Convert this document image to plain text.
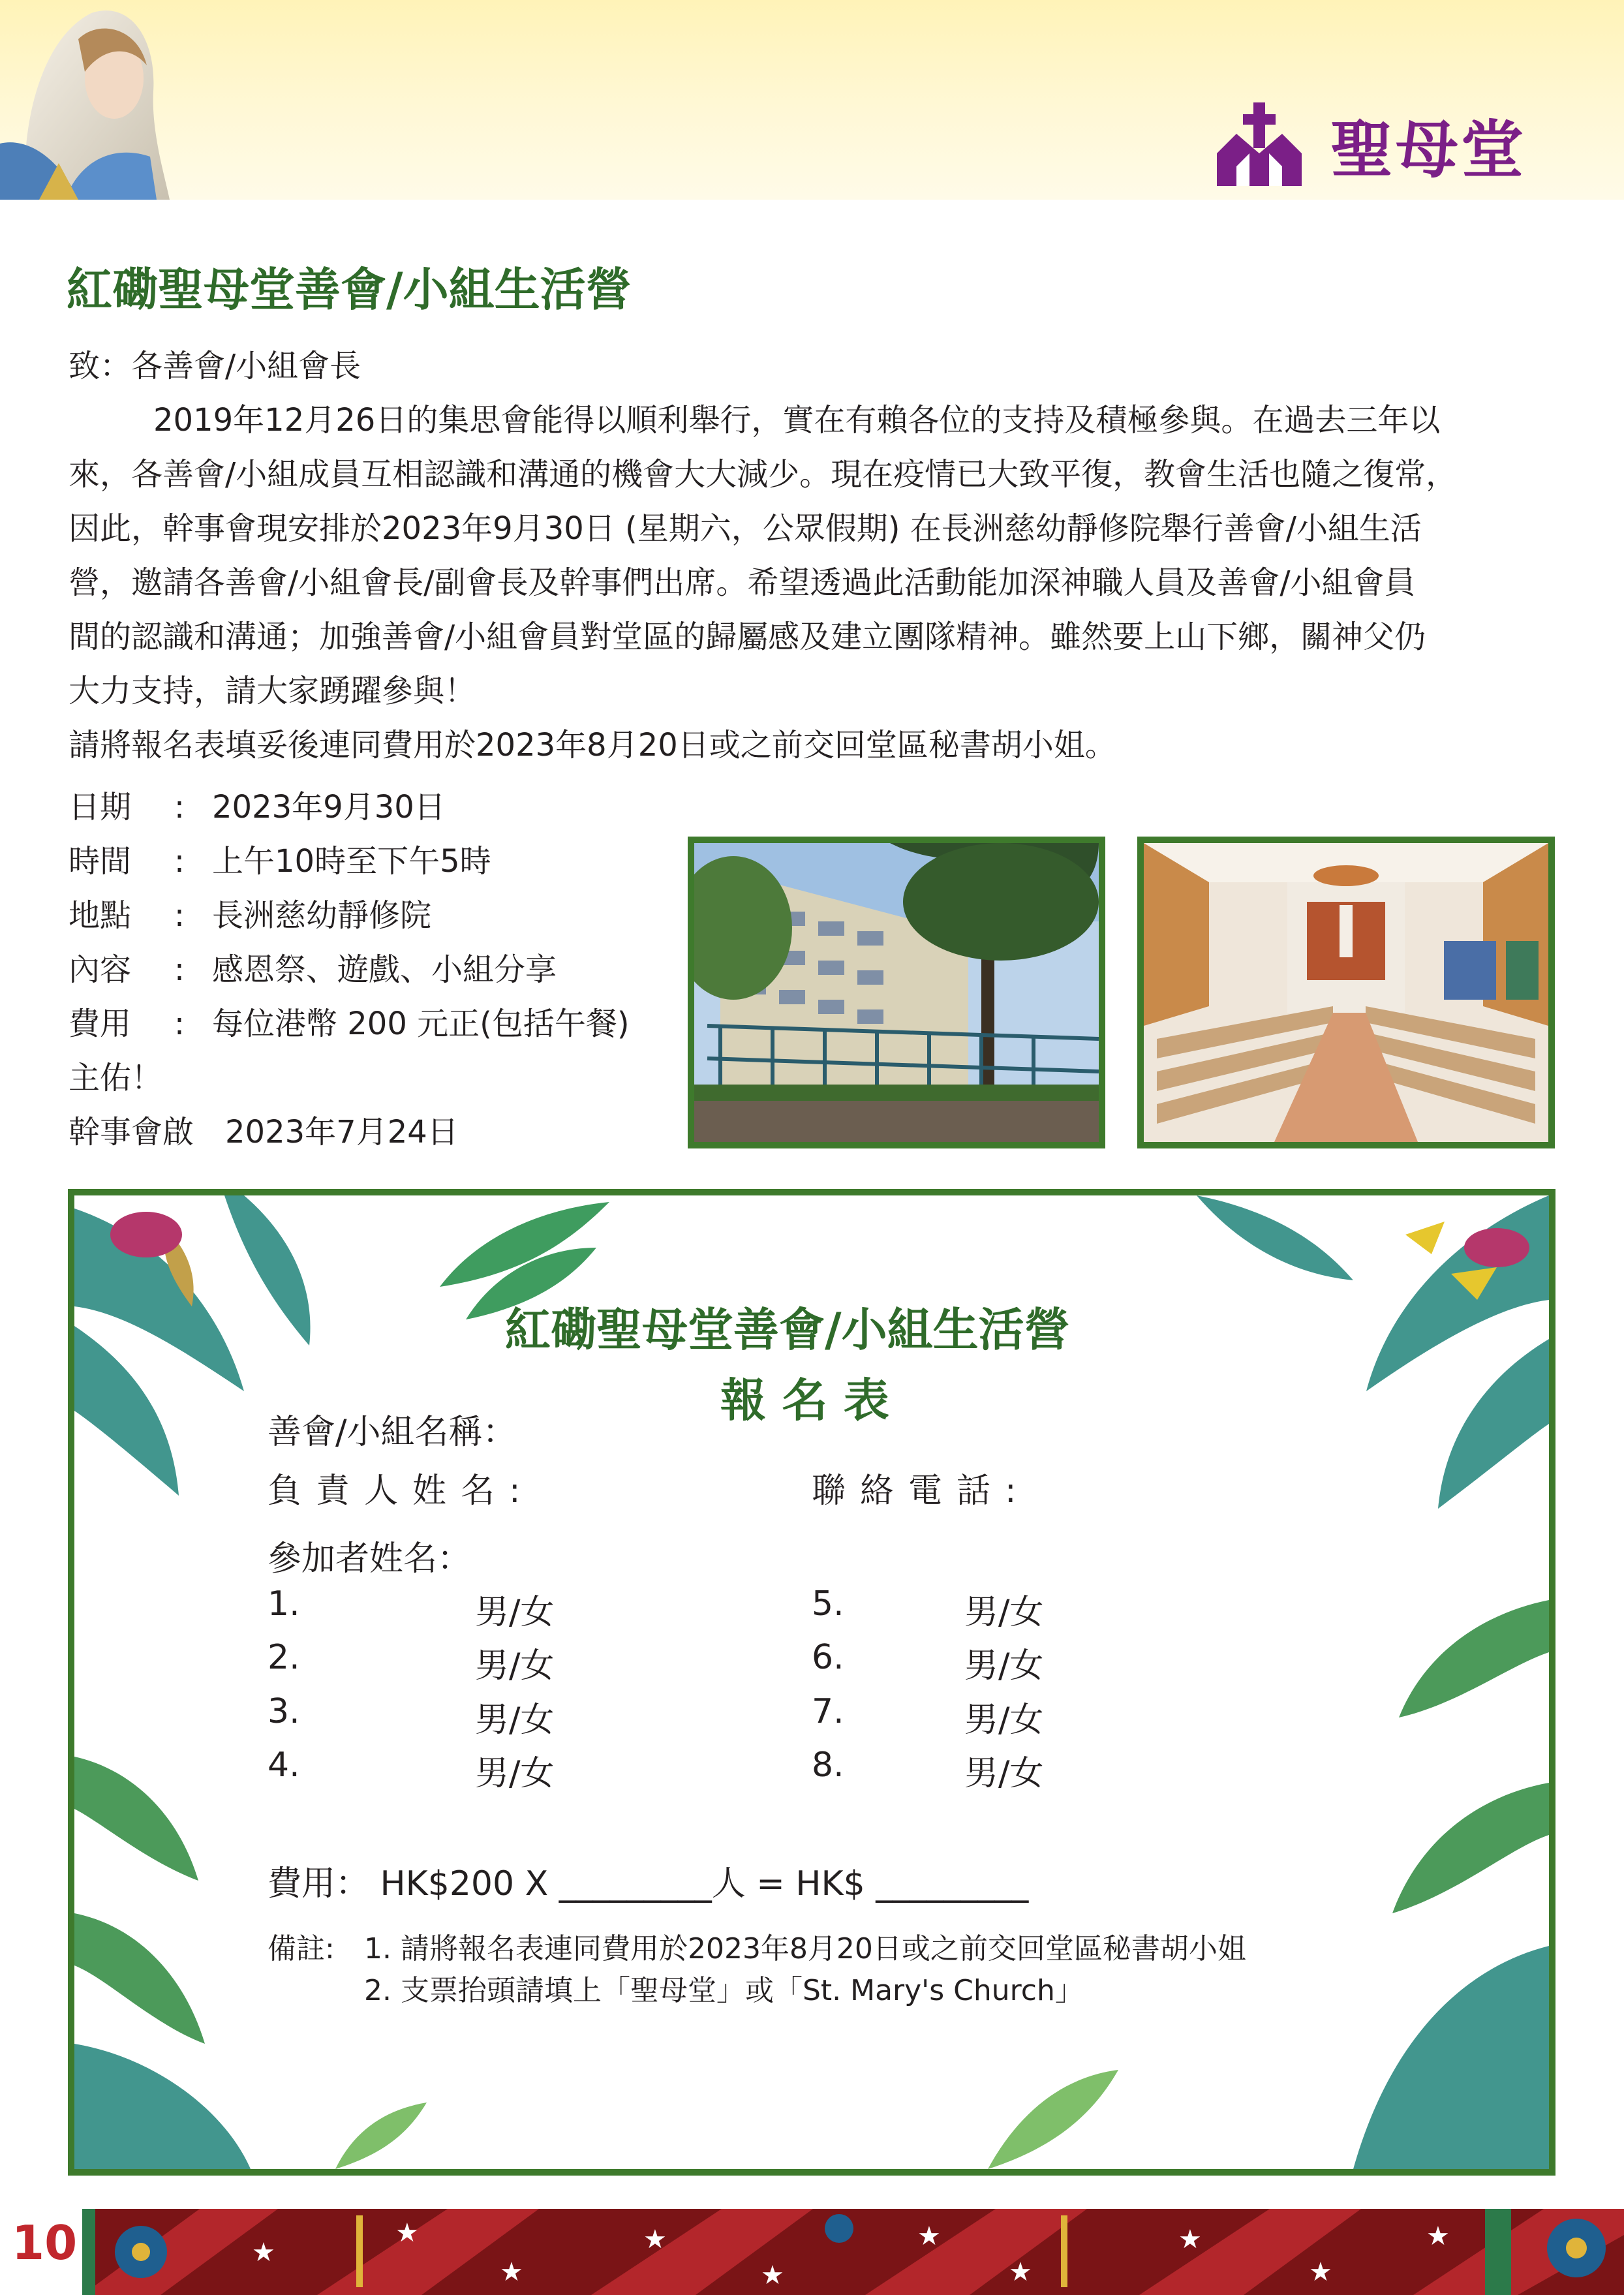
聖母堂
紅磡聖母堂善會/小組生活營
致：各善會/小組會長
2019年12月26日的集思會能得以順利舉行，實在有賴各位的支持及積極參與。在過去三年以
來，各善會/小組成員互相認識和溝通的機會大大減少。現在疫情已大致平復，教會生活也隨之復常，
因此，幹事會現安排於2023年9月30日 (星期六，公眾假期) 在長洲慈幼靜修院舉行善會/小組生活
營，邀請各善會/小組會長/副會長及幹事們出席。希望透過此活動能加深神職人員及善會/小組會員
間的認識和溝通；加強善會/小組會員對堂區的歸屬感及建立團隊精神。雖然要上山下鄉，關神父仍
大力支持，請大家踴躍參與！
請將報名表填妥後連同費用於2023年8月20日或之前交回堂區秘書胡小姐。
日期	: 2023年9月30日
時間	: 上午10時至下午5時
地點	: 長洲慈幼靜修院
內容	: 感恩祭、遊戲、小組分享
費用	: 每位港幣 200 元正(包括午餐)
主佑！
幹事會啟　2023年7月24日
紅磡聖母堂善會/小組生活營
報 名 表
善會/小組名稱：
負責人姓名:	聯絡電話:
參加者姓名：
1.	男/女
2.	男/女
3.	男/女
4.	男/女
5.	男/女
6.	男/女
7.	男/女
8.	男/女
費用： HK$200 X _________人 = HK$ _________
備註: 1. 請將報名表連同費用於2023年8月20日或之前交回堂區秘書胡小姐
2. 支票抬頭請填上「聖母堂」或「St. Mary's Church」
10	★
★
★
★
★
★
★
★
★
★
